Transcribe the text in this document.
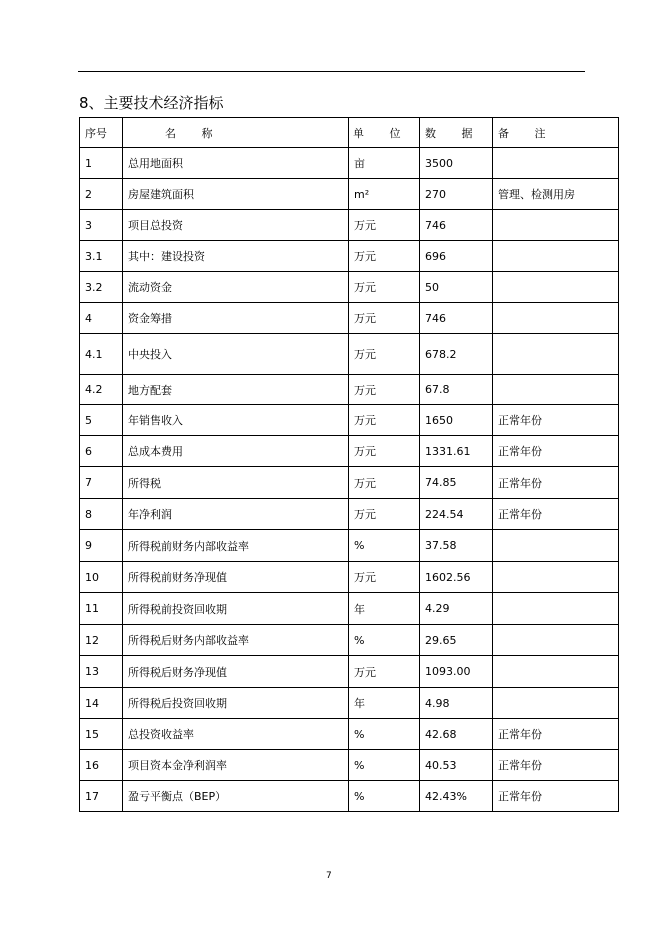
8、主要技术经济指标
序号	名 称	单 位	数 据	备 注
1	总用地面积	亩	3500	
2	房屋建筑面积	m²	270	管理、检测用房
3	项目总投资	万元	746	
3.1	其中：建设投资	万元	696	
3.2	流动资金	万元	50	
4	资金筹措	万元	746	
4.1	中央投入	万元	678.2	
4.2	地方配套	万元	67.8	
5	年销售收入	万元	1650	正常年份
6	总成本费用	万元	1331.61	正常年份
7	所得税	万元	74.85	正常年份
8	年净利润	万元	224.54	正常年份
9	所得税前财务内部收益率	%	37.58	
10	所得税前财务净现值	万元	1602.56	
11	所得税前投资回收期	年	4.29	
12	所得税后财务内部收益率	%	29.65	
13	所得税后财务净现值	万元	1093.00	
14	所得税后投资回收期	年	4.98	
15	总投资收益率	%	42.68	正常年份
16	项目资本金净利润率	%	40.53	正常年份
17	盈亏平衡点（BEP）	%	42.43%	正常年份
7
